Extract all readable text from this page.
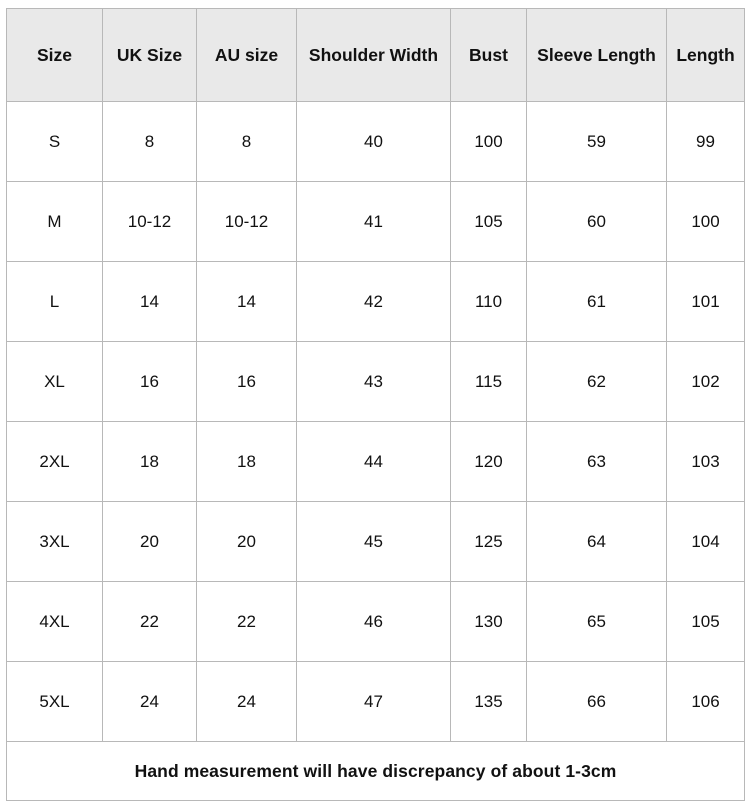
Size	UK Size	AU size	Shoulder Width	Bust	Sleeve Length	Length
S	8	8	40	100	59	99
M	10-12	10-12	41	105	60	100
L	14	14	42	110	61	101
XL	16	16	43	115	62	102
2XL	18	18	44	120	63	103
3XL	20	20	45	125	64	104
4XL	22	22	46	130	65	105
5XL	24	24	47	135	66	106
Hand measurement will have discrepancy of about 1-3cm						
